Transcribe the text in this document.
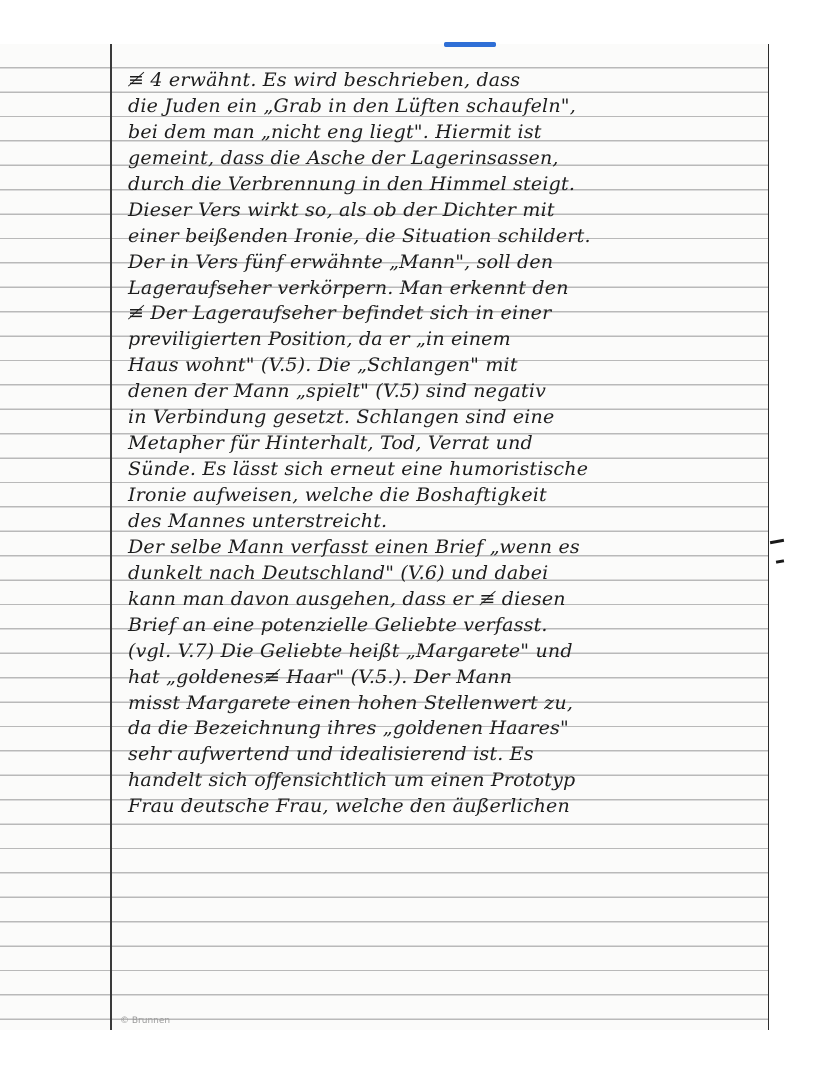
≢ 4 erwähnt. Es wird beschrieben, dass
die Juden ein „Grab in den Lüften schaufeln",
bei dem man „nicht eng liegt". Hiermit ist
gemeint, dass die Asche der Lagerinsassen,
durch die Verbrennung in den Himmel steigt.
Dieser Vers wirkt so, als ob der Dichter mit
einer beißenden Ironie, die Situation schildert.
Der in Vers fünf erwähnte „Mann", soll den
Lageraufseher verkörpern. Man erkennt den
≢ Der Lageraufseher befindet sich in einer
previligierten Position, da er „in einem
Haus wohnt" (V.5). Die „Schlangen" mit
denen der Mann „spielt" (V.5) sind negativ
in Verbindung gesetzt. Schlangen sind eine
Metapher für Hinterhalt, Tod, Verrat und
Sünde. Es lässt sich erneut eine humoristische
Ironie aufweisen, welche die Boshaftigkeit
des Mannes unterstreicht.
Der selbe Mann verfasst einen Brief „wenn es
dunkelt nach Deutschland" (V.6) und dabei
kann man davon ausgehen, dass er ≢ diesen
Brief an eine potenzielle Geliebte verfasst.
(vgl. V.7) Die Geliebte heißt „Margarete" und
hat „goldenes≢ Haar" (V.5.). Der Mann
misst Margarete einen hohen Stellenwert zu,
da die Bezeichnung ihres „goldenen Haares"
sehr aufwertend und idealisierend ist. Es
handelt sich offensichtlich um einen Prototyp
Frau deutsche Frau, welche den äußerlichen
© Brunnen
